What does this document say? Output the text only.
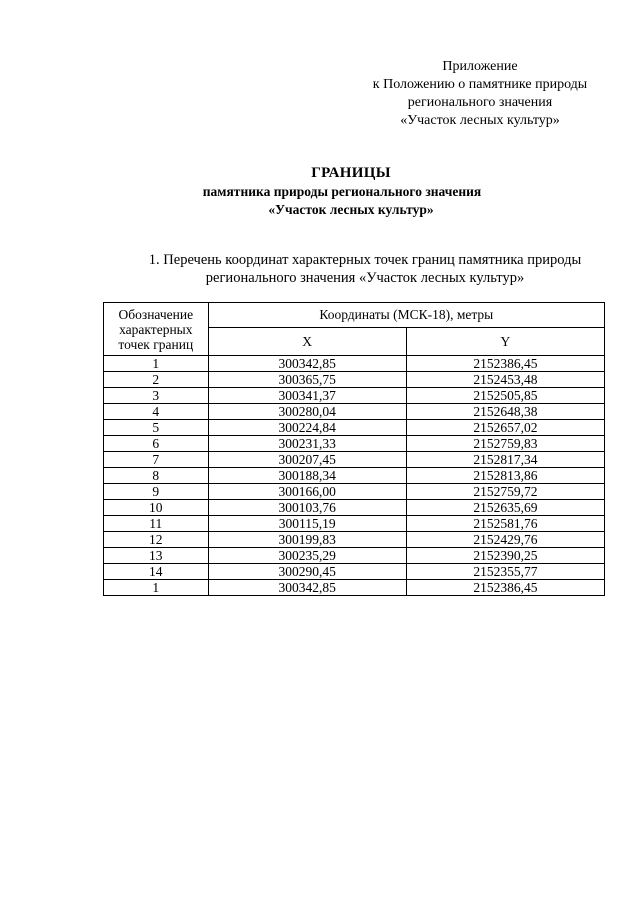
Приложение
к Положению о памятнике природы
регионального значения
«Участок лесных культур»
ГРАНИЦЫ
памятника природы регионального значения
«Участок лесных культур»
1. Перечень координат характерных точек границ памятника природы
регионального значения «Участок лесных культур»
Обозначение
характерных
точек границ	Координаты (МСК-18), метры	
	X	Y
1	300342,85	2152386,45
2	300365,75	2152453,48
3	300341,37	2152505,85
4	300280,04	2152648,38
5	300224,84	2152657,02
6	300231,33	2152759,83
7	300207,45	2152817,34
8	300188,34	2152813,86
9	300166,00	2152759,72
10	300103,76	2152635,69
11	300115,19	2152581,76
12	300199,83	2152429,76
13	300235,29	2152390,25
14	300290,45	2152355,77
1	300342,85	2152386,45
